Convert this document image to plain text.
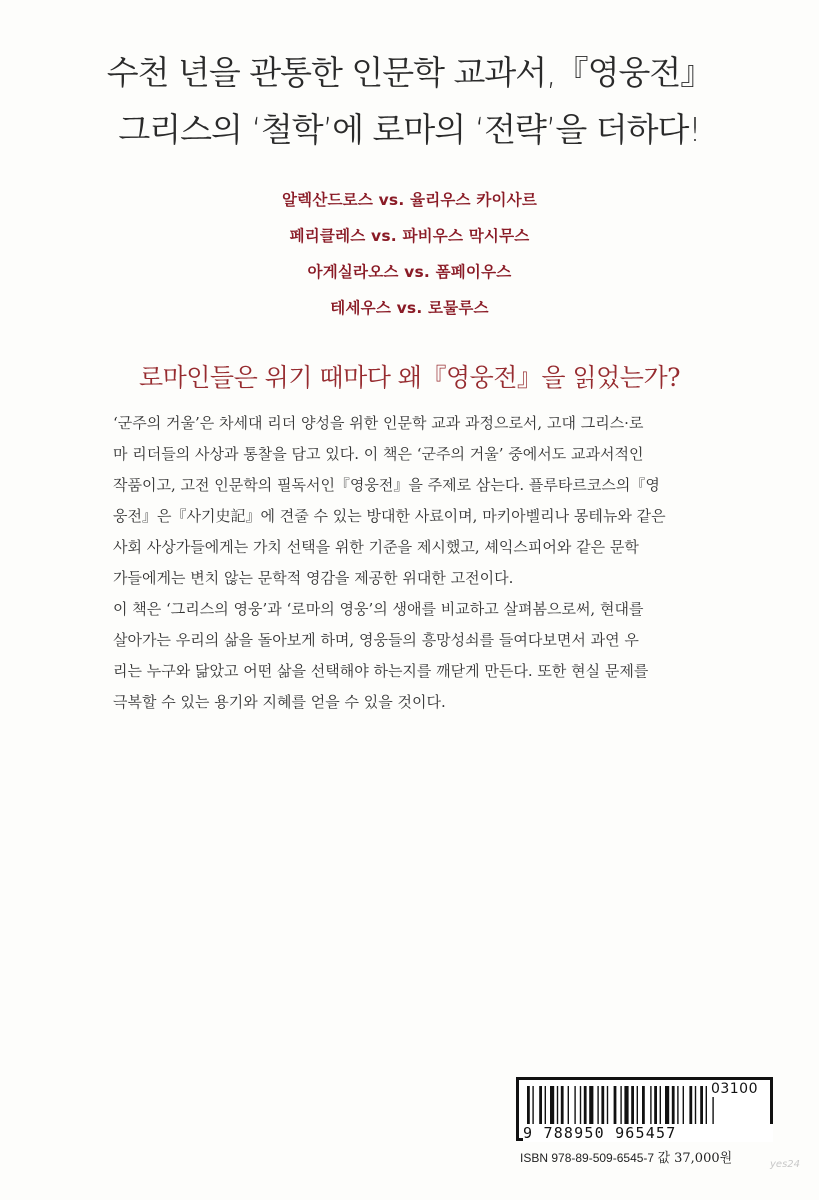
수천 년을 관통한 인문학 교과서,『영웅전』
그리스의 ‘철학’에 로마의 ‘전략’을 더하다!
알렉산드로스 vs. 율리우스 카이사르
페리클레스 vs. 파비우스 막시무스
아게실라오스 vs. 폼페이우스
테세우스 vs. 로물루스
로마인들은 위기 때마다 왜『영웅전』을 읽었는가?
‘군주의 거울’은 차세대 리더 양성을 위한 인문학 교과 과정으로서, 고대 그리스·로
마 리더들의 사상과 통찰을 담고 있다. 이 책은 ‘군주의 거울’ 중에서도 교과서적인
작품이고, 고전 인문학의 필독서인『영웅전』을 주제로 삼는다. 플루타르코스의『영
웅전』은『사기史記』에 견줄 수 있는 방대한 사료이며, 마키아벨리나 몽테뉴와 같은
사회 사상가들에게는 가치 선택을 위한 기준을 제시했고, 셰익스피어와 같은 문학
가들에게는 변치 않는 문학적 영감을 제공한 위대한 고전이다.
이 책은 ‘그리스의 영웅’과 ‘로마의 영웅’의 생애를 비교하고 살펴봄으로써, 현대를
살아가는 우리의 삶을 돌아보게 하며, 영웅들의 흥망성쇠를 들여다보면서 과연 우
리는 누구와 닮았고 어떤 삶을 선택해야 하는지를 깨닫게 만든다. 또한 현실 문제를
극복할 수 있는 용기와 지혜를 얻을 수 있을 것이다.
03100
9 788950 965457
ISBN 978-89-509-6545-7 값 37,000원	yes24
